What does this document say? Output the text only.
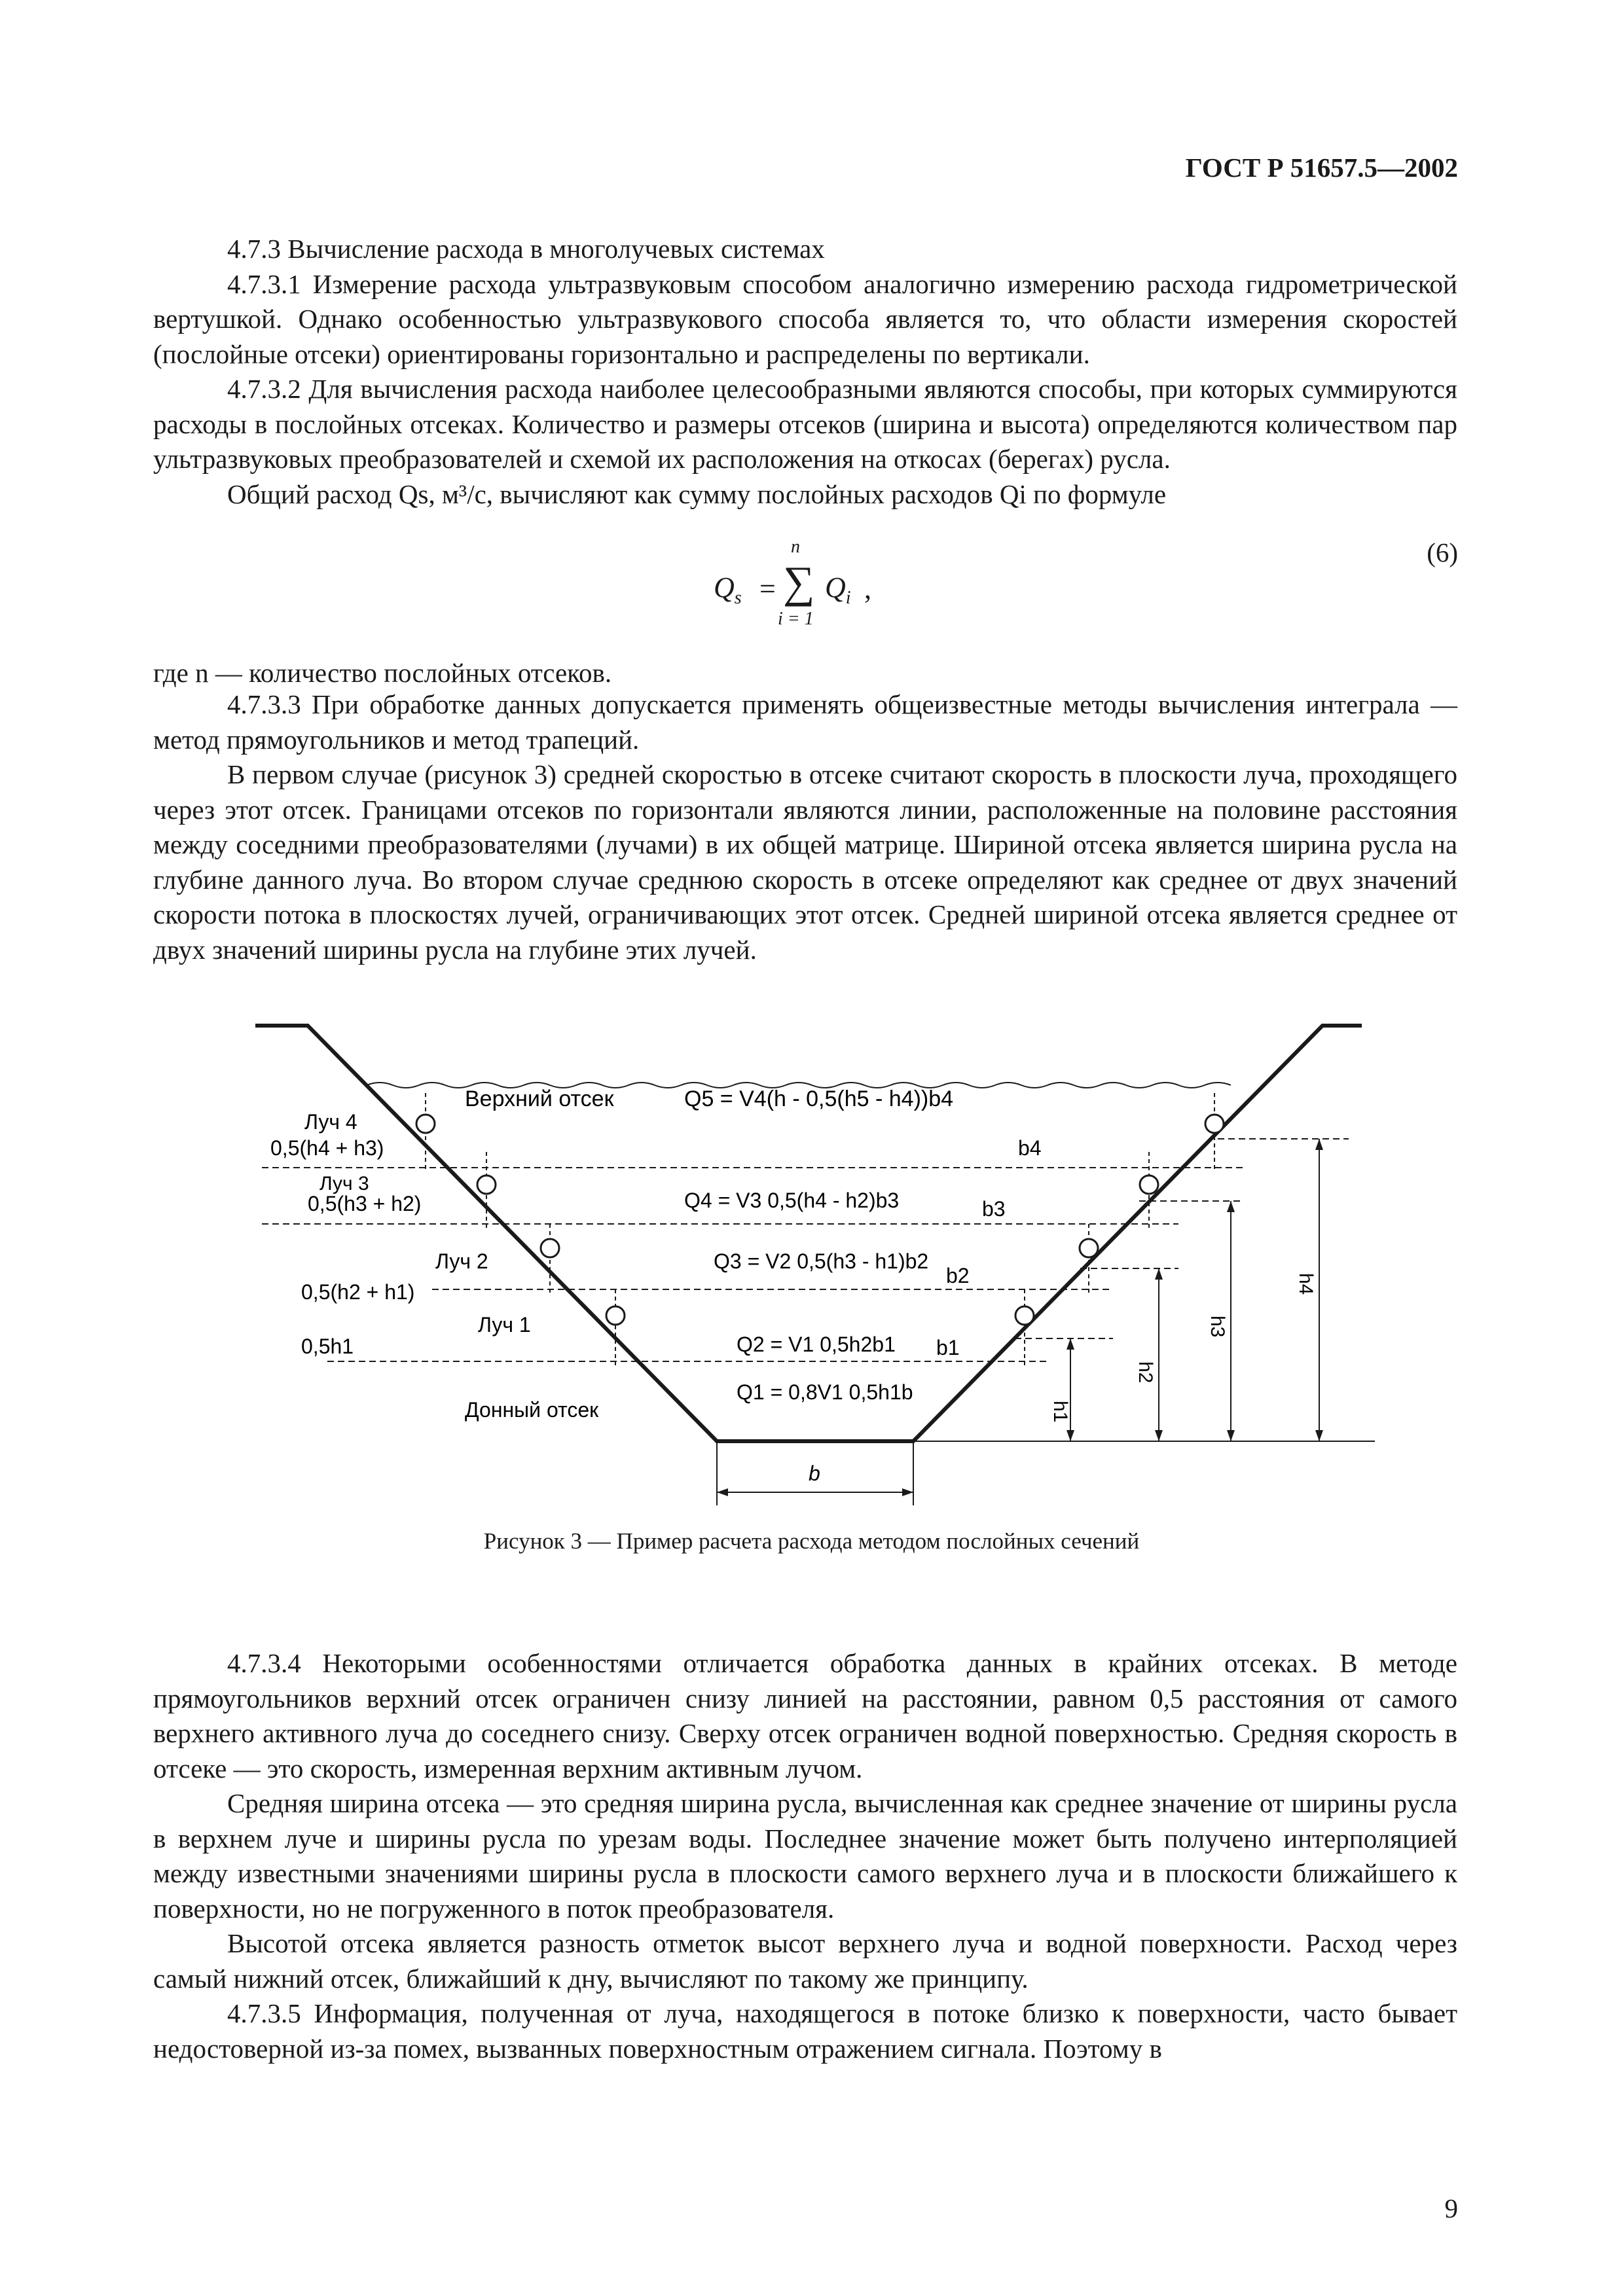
ГОСТ Р 51657.5—2002

4.7.3 Вычисление расхода в многолучевых системах

4.7.3.1 Измерение расхода ультразвуковым способом аналогично измерению расхода гидрометрической вертушкой. Однако особенностью ультразвукового способа является то, что области измерения скоростей (послойные отсеки) ориентированы горизонтально и распределены по вертикали.

4.7.3.2 Для вычисления расхода наиболее целесообразными являются способы, при которых суммируются расходы в послойных отсеках. Количество и размеры отсеков (ширина и высота) определяются количеством пар ультразвуковых преобразователей и схемой их расположения на откосах (берегах) русла.

Общий расход Qs, м³/с, вычисляют как сумму послойных расходов Qi по формуле

$Q_s$ =
n
∑
i = 1
$Q_i$ ,
(6)
где n — количество послойных отсеков.

4.7.3.3 При обработке данных допускается применять общеизвестные методы вычисления интеграла — метод прямоугольников и метод трапеций.

В первом случае (рисунок 3) средней скоростью в отсеке считают скорость в плоскости луча, проходящего через этот отсек. Границами отсеков по горизонтали являются линии, расположенные на половине расстояния между соседними преобразователями (лучами) в их общей матрице. Шириной отсека является ширина русла на глубине данного луча. Во втором случае среднюю скорость в отсеке определяют как среднее от двух значений скорости потока в плоскостях лучей, ограничивающих этот отсек. Средней шириной отсека является среднее от двух значений ширины русла на глубине этих лучей.

Верхний отсек	Q5 = V4(h - 0,5(h5 - h4))b4
Луч 4
0,5(h4 + h3)	b4
Луч 3
0,5(h3 + h2)	Q4 = V3 0,5(h4 - h2)b3	b3
Луч 2	Q3 = V2 0,5(h3 - h1)b2
b2
0,5(h2 + h1)
Луч 1
Q2 = V1 0,5h2b1 b1
0,5h1
Q1 = 0,8V1 0,5h1b
Донный отсек
b
h1
h2
h3
h4
Рисунок 3 — Пример расчета расхода методом послойных сечений

4.7.3.4 Некоторыми особенностями отличается обработка данных в крайних отсеках. В методе прямоугольников верхний отсек ограничен снизу линией на расстоянии, равном 0,5 расстояния от самого верхнего активного луча до соседнего снизу. Сверху отсек ограничен водной поверхностью. Средняя скорость в отсеке — это скорость, измеренная верхним активным лучом.

Средняя ширина отсека — это средняя ширина русла, вычисленная как среднее значение от ширины русла в верхнем луче и ширины русла по урезам воды. Последнее значение может быть получено интерполяцией между известными значениями ширины русла в плоскости самого верхнего луча и в плоскости ближайшего к поверхности, но не погруженного в поток преобразователя.

Высотой отсека является разность отметок высот верхнего луча и водной поверхности. Расход через самый нижний отсек, ближайший к дну, вычисляют по такому же принципу.

4.7.3.5 Информация, полученная от луча, находящегося в потоке близко к поверхности, часто бывает недостоверной из-за помех, вызванных поверхностным отражением сигнала. Поэтому в

9
